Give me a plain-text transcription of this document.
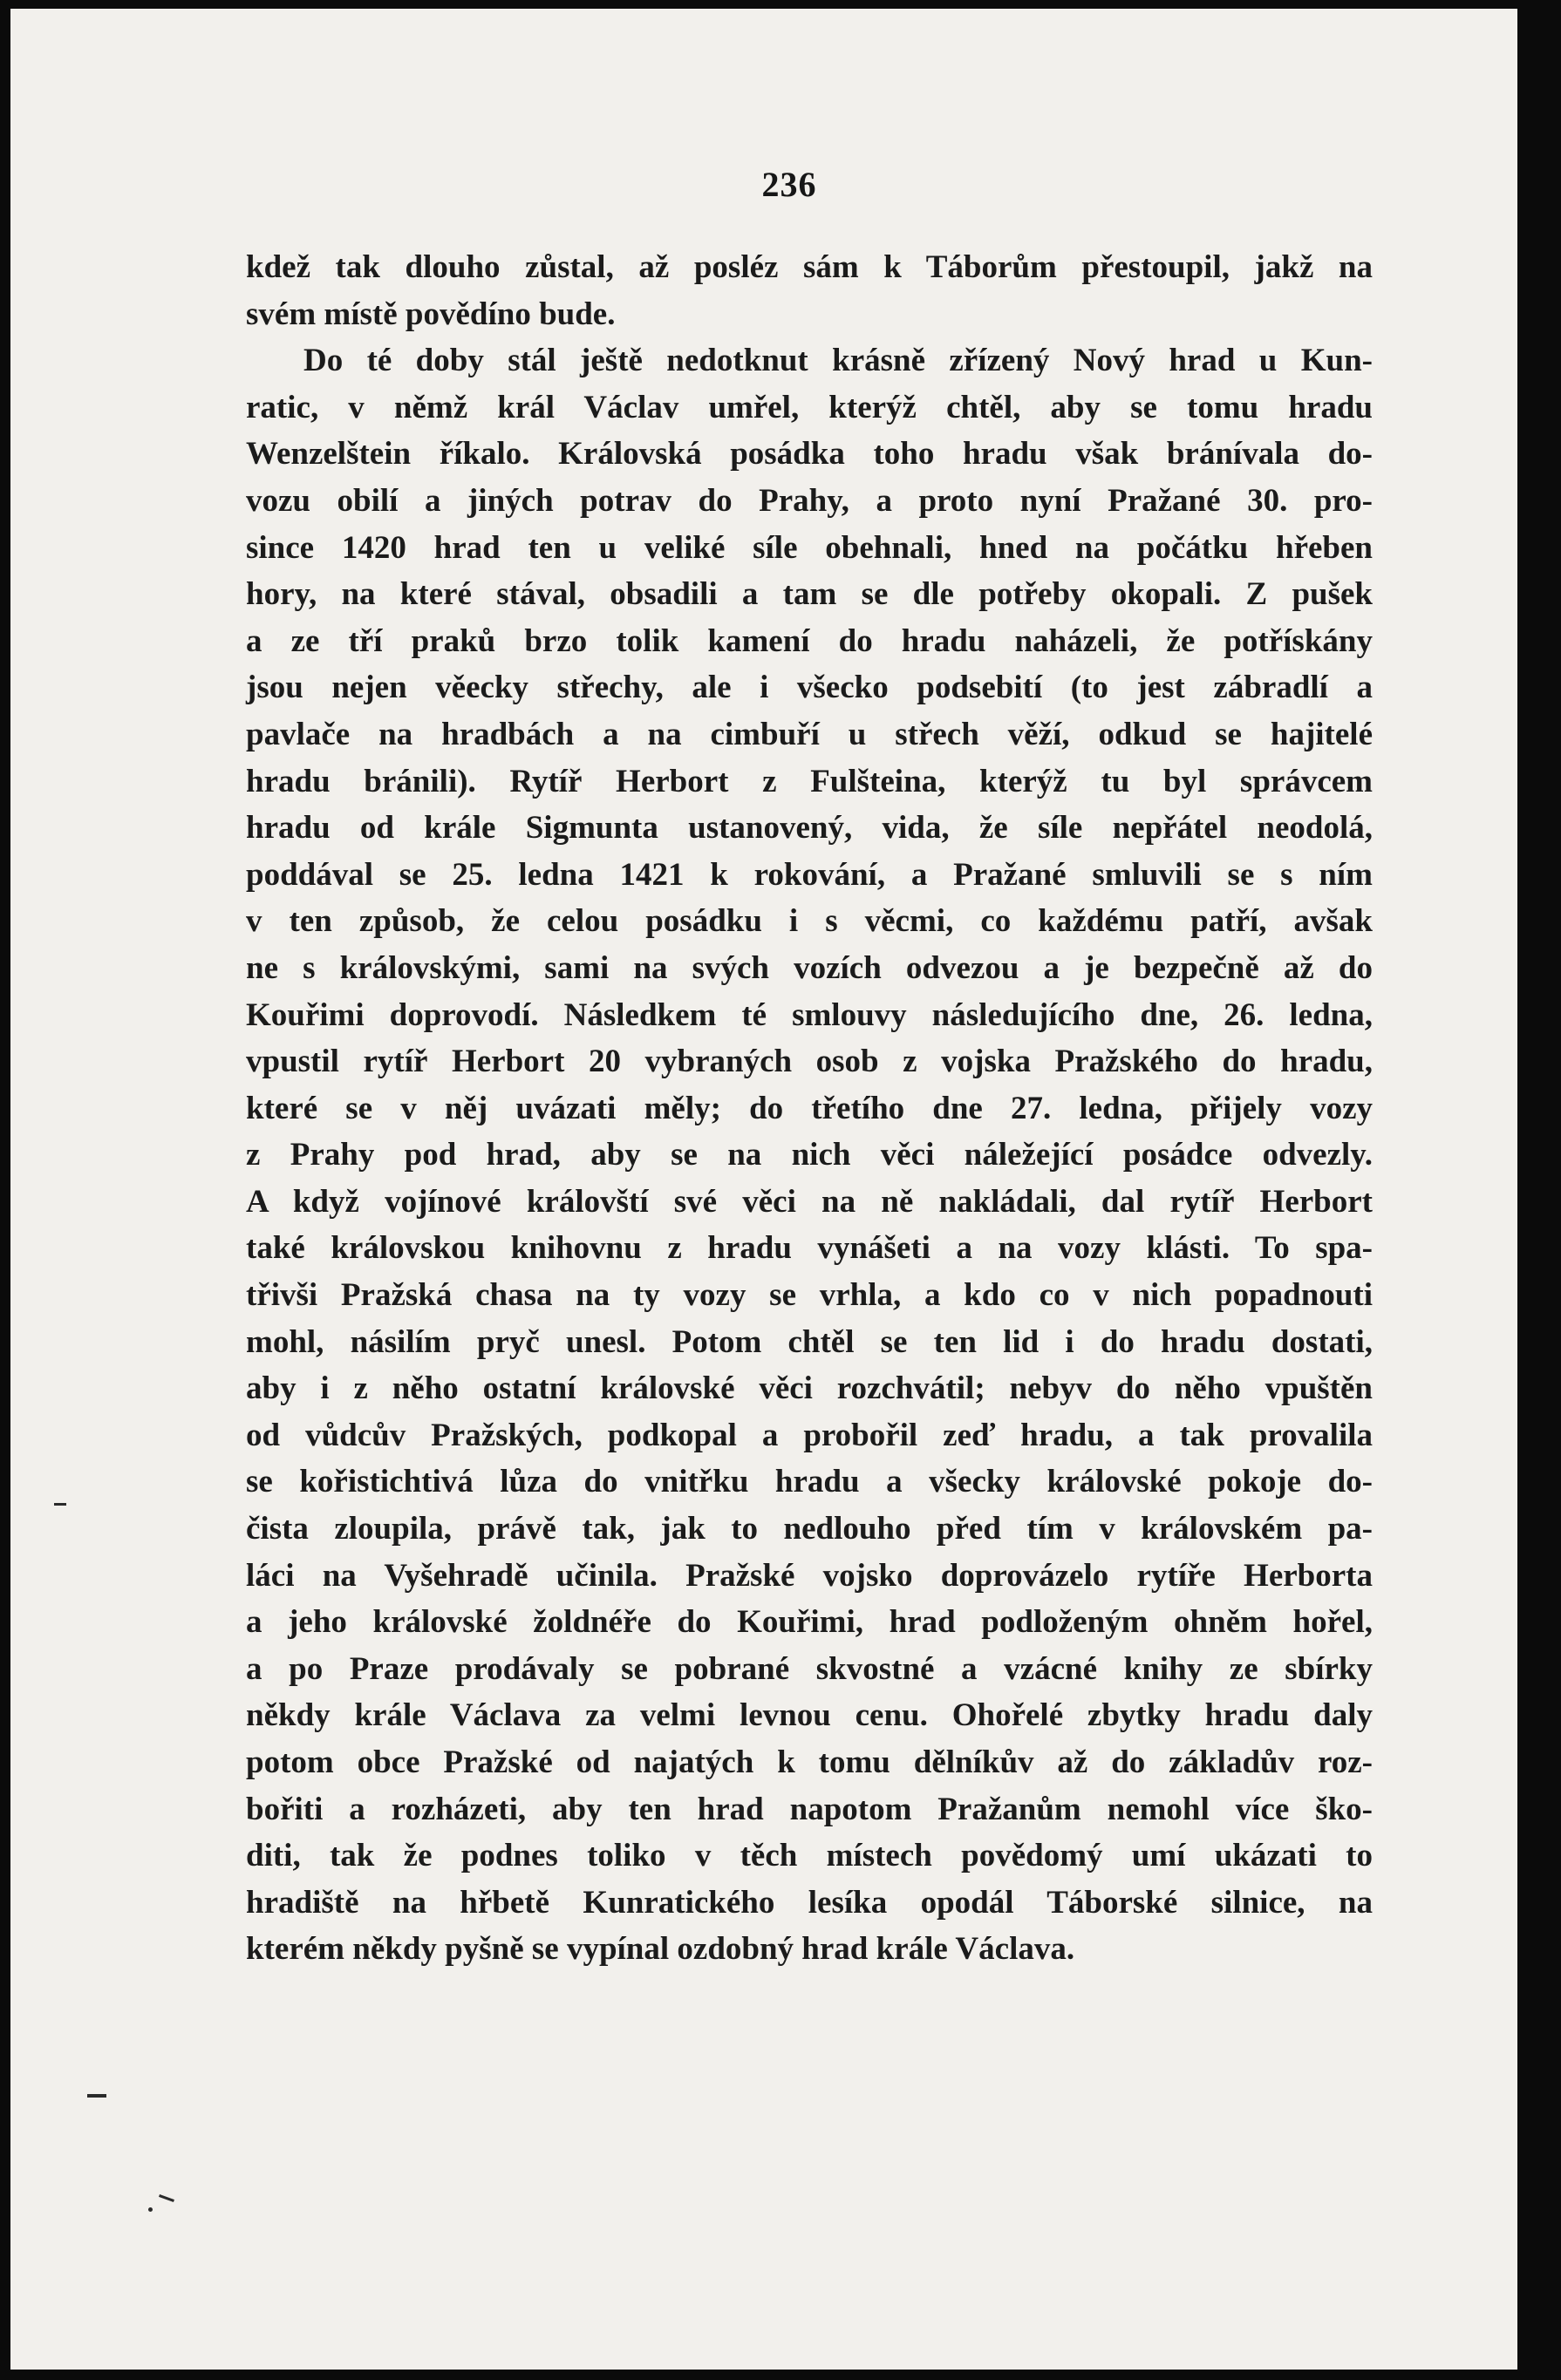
236
kdež tak dlouho zůstal, až posléz sám k Táborům přestoupil, jakž na
svém místě povědíno bude.
Do té doby stál ještě nedotknut krásně zřízený Nový hrad u Kun-
ratic, v němž král Václav umřel, kterýž chtěl, aby se tomu hradu
Wenzelštein říkalo. Královská posádka toho hradu však bránívala do-
vozu obilí a jiných potrav do Prahy, a proto nyní Pražané 30. pro-
since 1420 hrad ten u veliké síle obehnali, hned na počátku hřeben
hory, na které stával, obsadili a tam se dle potřeby okopali. Z pušek
a ze tří praků brzo tolik kamení do hradu naházeli, že potřískány
jsou nejen věecky střechy, ale i všecko podsebití (to jest zábradlí a
pavlače na hradbách a na cimbuří u střech věží, odkud se hajitelé
hradu bránili). Rytíř Herbort z Fulšteina, kterýž tu byl správcem
hradu od krále Sigmunta ustanovený, vida, že síle nepřátel neodolá,
poddával se 25. ledna 1421 k rokování, a Pražané smluvili se s ním
v ten způsob, že celou posádku i s věcmi, co každému patří, avšak
ne s královskými, sami na svých vozích odvezou a je bezpečně až do
Kouřimi doprovodí. Následkem té smlouvy následujícího dne, 26. ledna,
vpustil rytíř Herbort 20 vybraných osob z vojska Pražského do hradu,
které se v něj uvázati měly; do třetího dne 27. ledna, přijely vozy
z Prahy pod hrad, aby se na nich věci náležející posádce odvezly.
A když vojínové královští své věci na ně nakládali, dal rytíř Herbort
také královskou knihovnu z hradu vynášeti a na vozy klásti. To spa-
třivši Pražská chasa na ty vozy se vrhla, a kdo co v nich popadnouti
mohl, násilím pryč unesl. Potom chtěl se ten lid i do hradu dostati,
aby i z něho ostatní královské věci rozchvátil; nebyv do něho vpuštěn
od vůdcův Pražských, podkopal a probořil zeď hradu, a tak provalila
se kořistichtivá lůza do vnitřku hradu a všecky královské pokoje do-
čista zloupila, právě tak, jak to nedlouho před tím v královském pa-
láci na Vyšehradě učinila. Pražské vojsko doprovázelo rytíře Herborta
a jeho královské žoldnéře do Kouřimi, hrad podloženým ohněm hořel,
a po Praze prodávaly se pobrané skvostné a vzácné knihy ze sbírky
někdy krále Václava za velmi levnou cenu. Ohořelé zbytky hradu daly
potom obce Pražské od najatých k tomu dělníkův až do základův roz-
bořiti a rozházeti, aby ten hrad napotom Pražanům nemohl více ško-
diti, tak že podnes toliko v těch místech povědomý umí ukázati to
hradiště na hřbetě Kunratického lesíka opodál Táborské silnice, na
kterém někdy pyšně se vypínal ozdobný hrad krále Václava.
